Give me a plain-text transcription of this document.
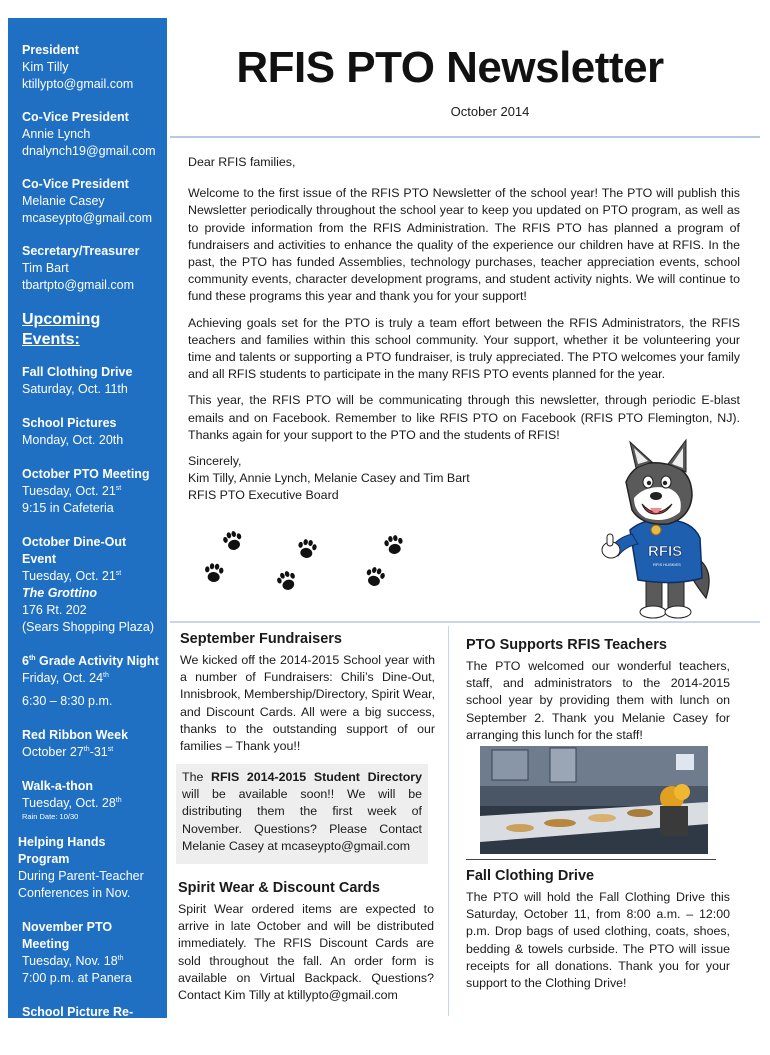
President
Kim Tilly
ktillypto@gmail.com
Co-Vice President
Annie Lynch
dnalynch19@gmail.com
Co-Vice President
Melanie Casey
mcaseypto@gmail.com
Secretary/Treasurer
Tim Bart
tbartpto@gmail.com
Upcoming Events:
Fall Clothing Drive
Saturday, Oct. 11th
School Pictures
Monday, Oct. 20th
October PTO Meeting
Tuesday, Oct. 21st
9:15 in Cafeteria
October Dine-Out Event
Tuesday, Oct. 21st
The Grottino
176 Rt. 202
(Sears Shopping Plaza)
6th Grade Activity Night
Friday, Oct. 24th
6:30 – 8:30 p.m.
Red Ribbon Week
October 27th-31st
Walk-a-thon
Tuesday, Oct. 28th
Rain Date: 10/30
Helping Hands Program
During Parent-Teacher
Conferences in Nov.
November PTO Meeting
Tuesday, Nov. 18th
7:00 p.m. at Panera
School Picture Re-Takes
Friday, Nov. 21st
RFIS PTO Newsletter
October 2014

Dear RFIS families,

Welcome to the first issue of the RFIS PTO Newsletter of the school year! The PTO will publish this Newsletter periodically throughout the school year to keep you updated on PTO program, as well as to provide information from the RFIS Administration. The RFIS PTO has planned a program of fundraisers and activities to enhance the quality of the experience our children have at RFIS. In the past, the PTO has funded Assemblies, technology purchases, teacher appreciation events, school community events, character development programs, and student activity nights. We will continue to fund these programs this year and thank you for your support!

Achieving goals set for the PTO is truly a team effort between the RFIS Administrators, the RFIS teachers and families within this school community. Your support, whether it be volunteering your time and talents or supporting a PTO fundraiser, is truly appreciated. The PTO welcomes your family and all RFIS students to participate in the many RFIS PTO events planned for the year.

This year, the RFIS PTO will be communicating through this newsletter, through periodic E-blast emails and on Facebook. Remember to like RFIS PTO on Facebook (RFIS PTO Flemington, NJ). Thanks again for your support to the PTO and the students of RFIS!

Sincerely,
Kim Tilly, Annie Lynch, Melanie Casey and Tim Bart
RFIS PTO Executive Board
RFIS
RFIS HUSKIES
September Fundraisers
We kicked off the 2014-2015 School year with a number of Fundraisers: Chili’s Dine-Out, Innisbrook, Membership/Directory, Spirit Wear, and Discount Cards. All were a big success, thanks to the outstanding support of our families – Thank you!!
The RFIS 2014-2015 Student Directory will be available soon!! We will be distributing them the first week of November. Questions? Please Contact Melanie Casey at mcaseypto@gmail.com
Spirit Wear & Discount Cards
Spirit Wear ordered items are expected to arrive in late October and will be distributed immediately. The RFIS Discount Cards are sold throughout the fall. An order form is available on Virtual Backpack. Questions? Contact Kim Tilly at ktillypto@gmail.com
PTO Supports RFIS Teachers
The PTO welcomed our wonderful teachers, staff, and administrators to the 2014-2015 school year by providing them with lunch on September 2. Thank you Melanie Casey for arranging this lunch for the staff!
Fall Clothing Drive
The PTO will hold the Fall Clothing Drive this Saturday, October 11, from 8:00 a.m. – 12:00 p.m. Drop bags of used clothing, coats, shoes, bedding & towels curbside. The PTO will issue receipts for all donations. Thank you for your support to the Clothing Drive!
